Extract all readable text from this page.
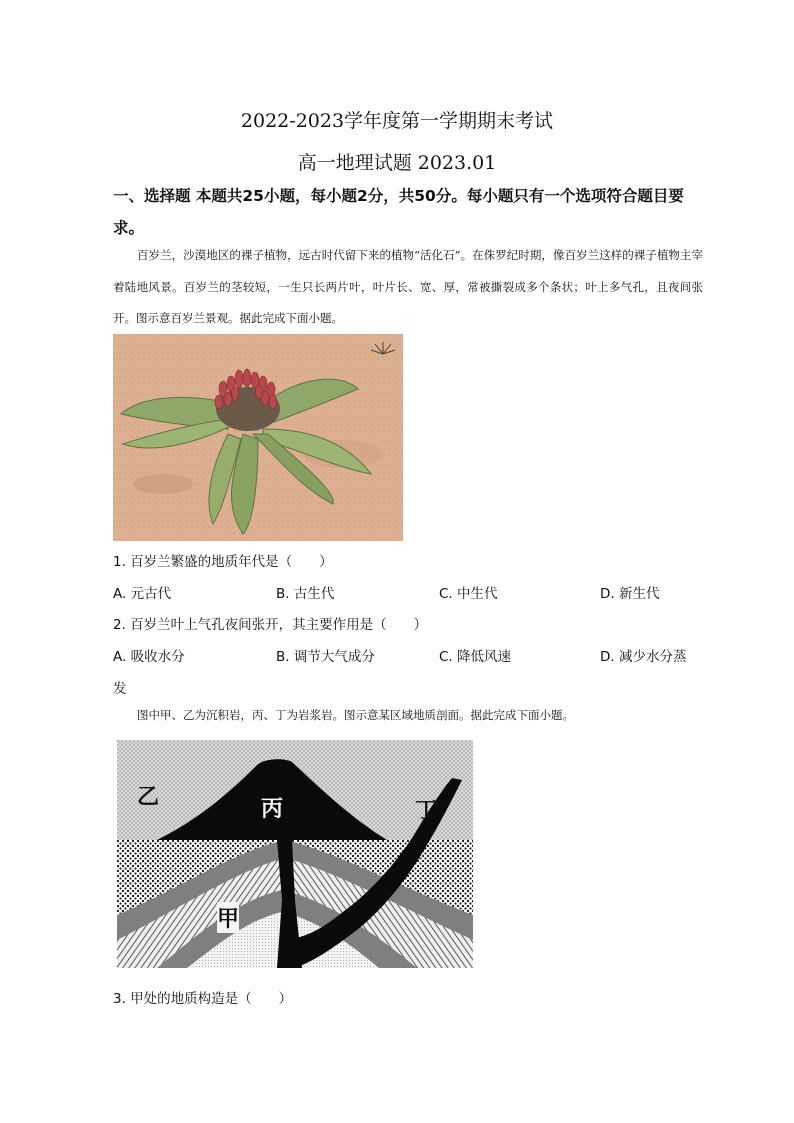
2022-2023学年度第一学期期末考试
高一地理试题 2023.01
一、选择题 本题共25小题，每小题2分，共50分。每小题只有一个选项符合题目要求。
百岁兰，沙漠地区的裸子植物，远古时代留下来的植物“活化石”。在侏罗纪时期，像百岁兰这样的裸子植物主宰着陆地风景。百岁兰的茎较短，一生只长两片叶，叶片长、宽、厚，常被撕裂成多个条状；叶上多气孔，且夜间张开。图示意百岁兰景观。据此完成下面小题。
1. 百岁兰繁盛的地质年代是（　　）
A. 元古代	B. 古生代	C. 中生代	D. 新生代
2. 百岁兰叶上气孔夜间张开，其主要作用是（　　）
A. 吸收水分	B. 调节大气成分	C. 降低风速	D. 减少水分蒸
发
图中甲、乙为沉积岩，丙、丁为岩浆岩。图示意某区域地质剖面。据此完成下面小题。
乙	丙	丁
甲
3. 甲处的地质构造是（　　）
